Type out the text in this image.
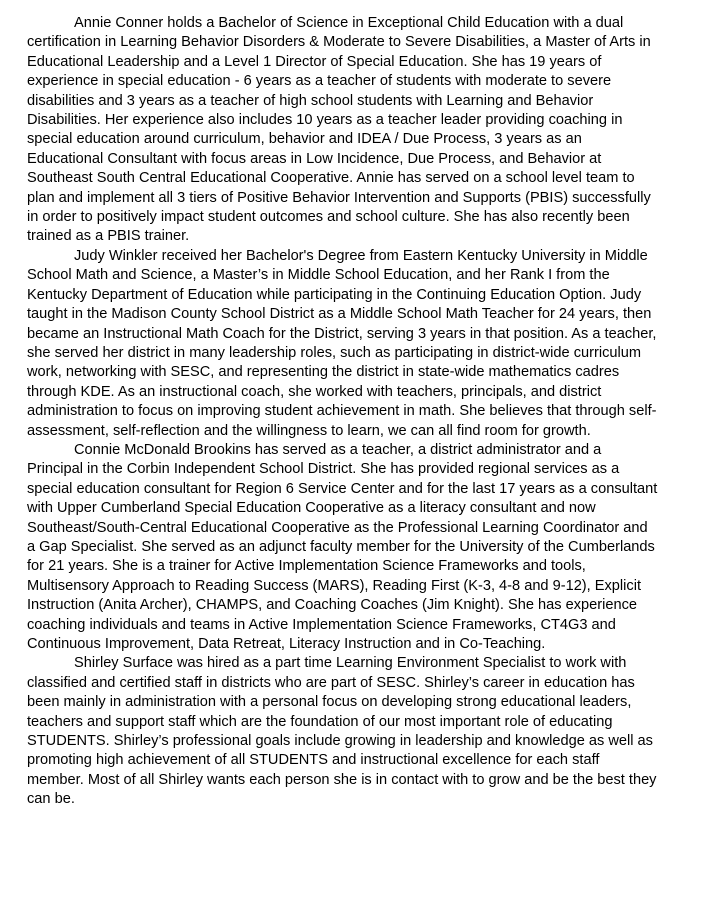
Annie Conner holds a Bachelor of Science in Exceptional Child Education with a dual certification in Learning Behavior Disorders & Moderate to Severe Disabilities, a Master of Arts in Educational Leadership and a Level 1 Director of Special Education. She has 19 years of experience in special education - 6 years as a teacher of students with moderate to severe disabilities and 3 years as a teacher of high school students with Learning and Behavior Disabilities. Her experience also includes 10 years as a teacher leader providing coaching in special education around curriculum, behavior and IDEA / Due Process, 3 years as an Educational Consultant with focus areas in Low Incidence, Due Process, and Behavior at Southeast South Central Educational Cooperative. Annie has served on a school level team to plan and implement all 3 tiers of Positive Behavior Intervention and Supports (PBIS) successfully in order to positively impact student outcomes and school culture. She has also recently been trained as a PBIS trainer.

Judy Winkler received her Bachelor's Degree from Eastern Kentucky University in Middle School Math and Science, a Master’s in Middle School Education, and her Rank I from the Kentucky Department of Education while participating in the Continuing Education Option. Judy taught in the Madison County School District as a Middle School Math Teacher for 24 years, then became an Instructional Math Coach for the District, serving 3 years in that position. As a teacher, she served her district in many leadership roles, such as participating in district-wide curriculum work, networking with SESC, and representing the district in state-wide mathematics cadres through KDE. As an instructional coach, she worked with teachers, principals, and district administration to focus on improving student achievement in math. She believes that through self-assessment, self-reflection and the willingness to learn, we can all find room for growth.

Connie McDonald Brookins has served as a teacher, a district administrator and a Principal in the Corbin Independent School District. She has provided regional services as a special education consultant for Region 6 Service Center and for the last 17 years as a consultant with Upper Cumberland Special Education Cooperative as a literacy consultant and now Southeast/South-Central Educational Cooperative as the Professional Learning Coordinator and a Gap Specialist. She served as an adjunct faculty member for the University of the Cumberlands for 21 years. She is a trainer for Active Implementation Science Frameworks and tools, Multisensory Approach to Reading Success (MARS), Reading First (K-3, 4-8 and 9-12), Explicit Instruction (Anita Archer), CHAMPS, and Coaching Coaches (Jim Knight). She has experience coaching individuals and teams in Active Implementation Science Frameworks, CT4G3 and Continuous Improvement, Data Retreat, Literacy Instruction and in Co-Teaching.

Shirley Surface was hired as a part time Learning Environment Specialist to work with classified and certified staff in districts who are part of SESC. Shirley’s career in education has been mainly in administration with a personal focus on developing strong educational leaders, teachers and support staff which are the foundation of our most important role of educating STUDENTS. Shirley’s professional goals include growing in leadership and knowledge as well as promoting high achievement of all STUDENTS and instructional excellence for each staff member. Most of all Shirley wants each person she is in contact with to grow and be the best they can be.
